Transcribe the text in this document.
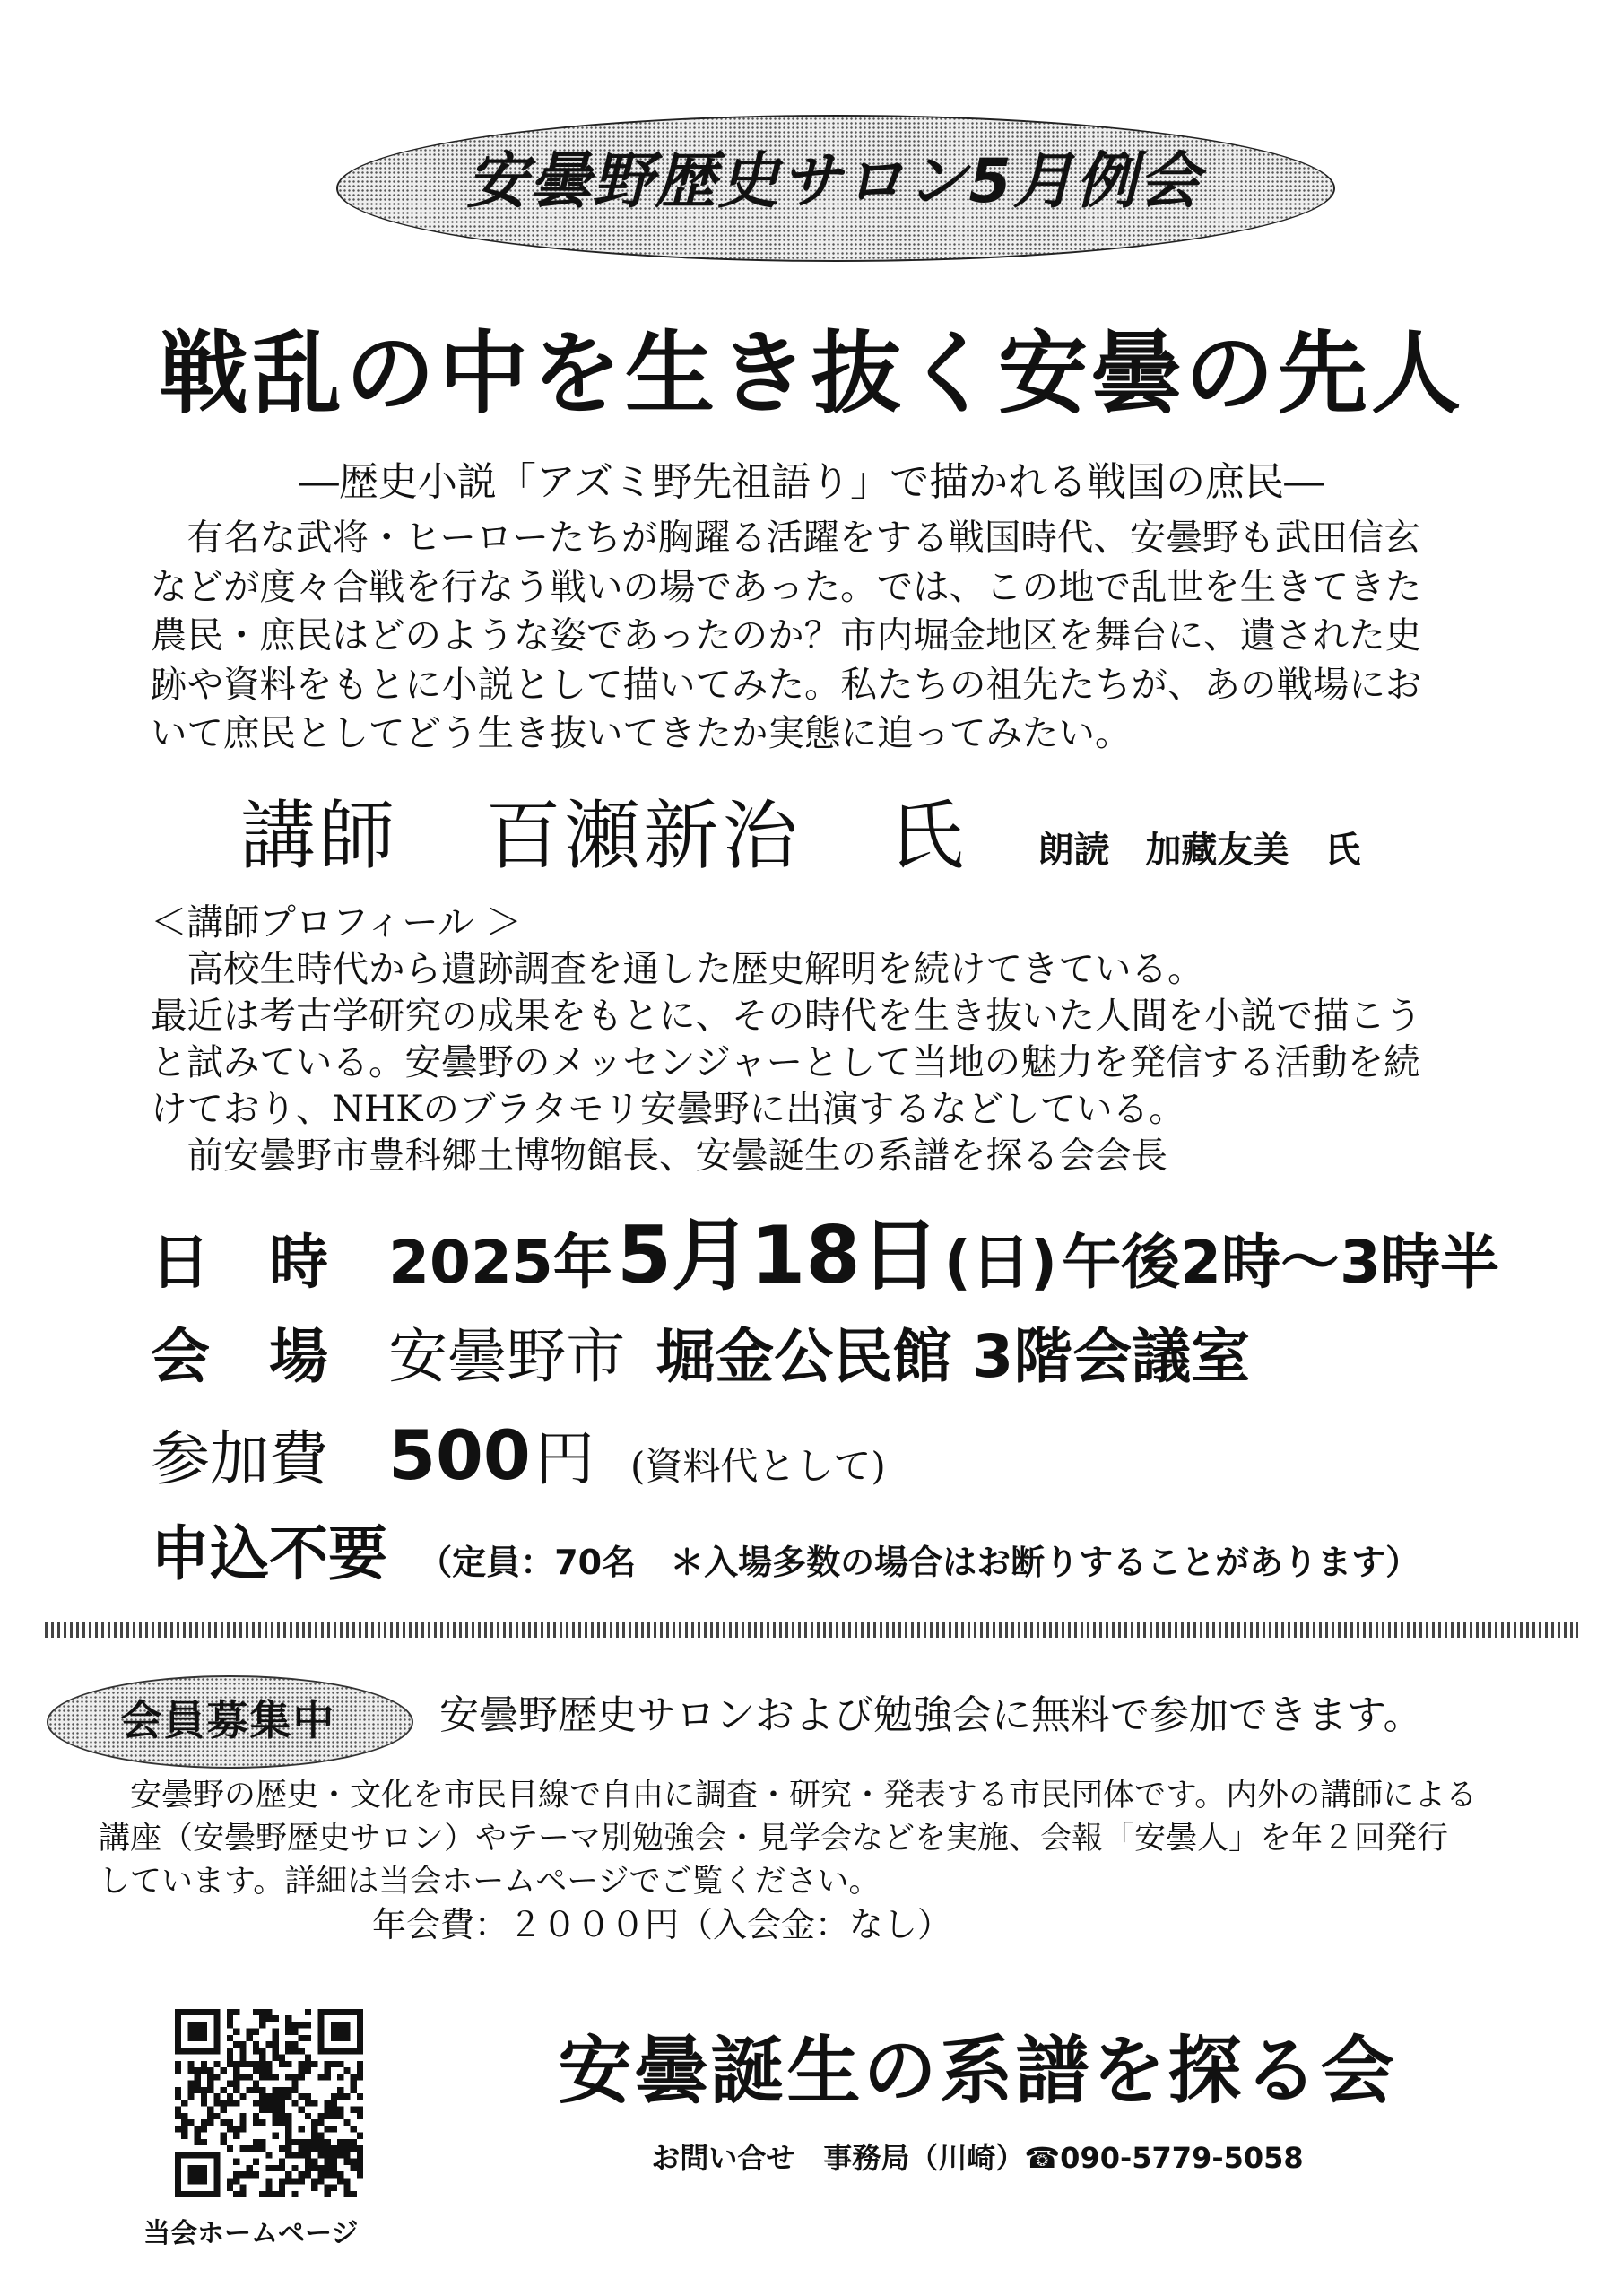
安曇野歴史サロン5月例会
戦乱の中を生き抜く安曇の先人
―歴史小説「アズミ野先祖語り」で描かれる戦国の庶民―

　有名な武将・ヒーローたちが胸躍る活躍をする戦国時代、安曇野も武田信玄

などが度々合戦を行なう戦いの場であった。では、この地で乱世を生きてきた

農民・庶民はどのような姿であったのか？市内堀金地区を舞台に、遺された史

跡や資料をもとに小説として描いてみた。私たちの祖先たちが、あの戦場にお

いて庶民としてどう生き抜いてきたか実態に迫ってみたい。

講師 百瀬新治 氏 朗読 加藏友美 氏

＜講師プロフィール ＞

　高校生時代から遺跡調査を通した歴史解明を続けてきている。

最近は考古学研究の成果をもとに、その時代を生き抜いた人間を小説で描こう

と試みている。安曇野のメッセンジャーとして当地の魅力を発信する活動を続

けており、NHKのブラタモリ安曇野に出演するなどしている。

　前安曇野市豊科郷土博物館長、安曇誕生の系譜を探る会会長

日　時 2025年 5月18日 (日) 午後2時～3時半
会　場 安曇野市 堀金公民館 3階会議室
参加費 500 円 (資料代として)
申込不要 （定員：70名　＊入場多数の場合はお断りすることがあります）
会員募集中	安曇野歴史サロンおよび勉強会に無料で参加できます。

　安曇野の歴史・文化を市民目線で自由に調査・研究・発表する市民団体です。内外の講師による

講座（安曇野歴史サロン）やテーマ別勉強会・見学会などを実施、会報「安曇人」を年２回発行

しています。詳細は当会ホームページでご覧ください。

年会費：２０００円（入会金：なし）
当会ホームページ
安曇誕生の系譜を探る会
お問い合せ　事務局（川崎）☎090-5779-5058
